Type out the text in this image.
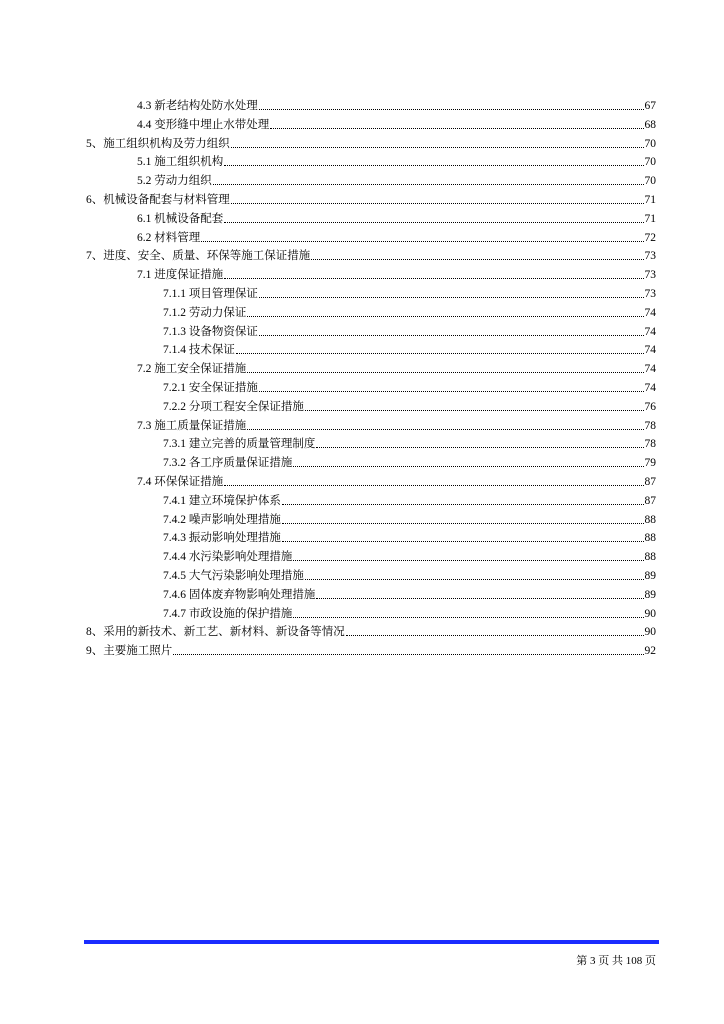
4.3 新老结构处防水处理	67
4.4 变形缝中埋止水带处理	68
5、施工组织机构及劳力组织	70
5.1 施工组织机构	70
5.2 劳动力组织	70
6、机械设备配套与材料管理	71
6.1 机械设备配套	71
6.2 材料管理	72
7、进度、安全、质量、环保等施工保证措施	73
7.1 进度保证措施	73
7.1.1 项目管理保证	73
7.1.2 劳动力保证	74
7.1.3 设备物资保证	74
7.1.4 技术保证	74
7.2 施工安全保证措施	74
7.2.1 安全保证措施	74
7.2.2 分项工程安全保证措施	76
7.3 施工质量保证措施	78
7.3.1 建立完善的质量管理制度	78
7.3.2 各工序质量保证措施	79
7.4 环保保证措施	87
7.4.1 建立环境保护体系	87
7.4.2 噪声影响处理措施	88
7.4.3 振动影响处理措施	88
7.4.4 水污染影响处理措施	88
7.4.5 大气污染影响处理措施	89
7.4.6 固体废弃物影响处理措施	89
7.4.7 市政设施的保护措施	90
8、采用的新技术、新工艺、新材料、新设备等情况	90
9、主要施工照片	92
第 3 页 共 108 页
